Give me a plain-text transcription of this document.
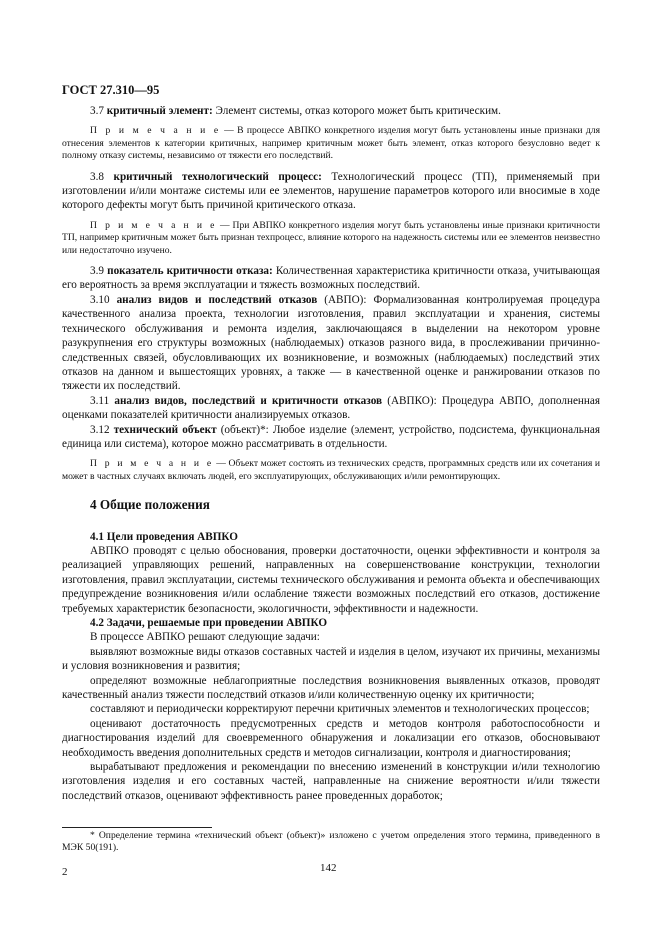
ГОСТ 27.310—95

3.7 критичный элемент: Элемент системы, отказ которого может быть критическим.

П р и м е ч а н и е — В процессе АВПКО конкретного изделия могут быть установлены иные признаки для отнесения элементов к категории критичных, например критичным может быть элемент, отказ которого безусловно ведет к полному отказу системы, независимо от тяжести его последствий.

3.8 критичный технологический процесс: Технологический процесс (ТП), применяемый при изготовлении и/или монтаже системы или ее элементов, нарушение параметров которого или вносимые в ходе которого дефекты могут быть причиной критического отказа.

П р и м е ч а н и е — При АВПКО конкретного изделия могут быть установлены иные признаки критичности ТП, например критичным может быть признан техпроцесс, влияние которого на надежность системы или ее элементов неизвестно или недостаточно изучено.

3.9 показатель критичности отказа: Количественная характеристика критичности отказа, учитывающая его вероятность за время эксплуатации и тяжесть возможных последствий.

3.10 анализ видов и последствий отказов (АВПО): Формализованная контролируемая процедура качественного анализа проекта, технологии изготовления, правил эксплуатации и хранения, системы технического обслуживания и ремонта изделия, заключающаяся в выделении на некотором уровне разукрупнения его структуры возможных (наблюдаемых) отказов разного вида, в прослеживании причинно-следственных связей, обусловливающих их возникновение, и возможных (наблюдаемых) последствий этих отказов на данном и вышестоящих уровнях, а также — в качественной оценке и ранжировании отказов по тяжести их последствий.

3.11 анализ видов, последствий и критичности отказов (АВПКО): Процедура АВПО, дополненная оценками показателей критичности анализируемых отказов.

3.12 технический объект (объект)*: Любое изделие (элемент, устройство, подсистема, функциональная единица или система), которое можно рассматривать в отдельности.

П р и м е ч а н и е — Объект может состоять из технических средств, программных средств или их сочетания и может в частных случаях включать людей, его эксплуатирующих, обслуживающих и/или ремонтирующих.

4 Общие положения

4.1 Цели проведения АВПКО

АВПКО проводят с целью обоснования, проверки достаточности, оценки эффективности и контроля за реализацией управляющих решений, направленных на совершенствование конструкции, технологии изготовления, правил эксплуатации, системы технического обслуживания и ремонта объекта и обеспечивающих предупреждение возникновения и/или ослабление тяжести возможных последствий его отказов, достижение требуемых характеристик безопасности, экологичности, эффективности и надежности.

4.2 Задачи, решаемые при проведении АВПКО

В процессе АВПКО решают следующие задачи:

выявляют возможные виды отказов составных частей и изделия в целом, изучают их причины, механизмы и условия возникновения и развития;

определяют возможные неблагоприятные последствия возникновения выявленных отказов, проводят качественный анализ тяжести последствий отказов и/или количественную оценку их критичности;

составляют и периодически корректируют перечни критичных элементов и технологических процессов;

оценивают достаточность предусмотренных средств и методов контроля работоспособности и диагностирования изделий для своевременного обнаружения и локализации его отказов, обосновывают необходимость введения дополнительных средств и методов сигнализации, контроля и диагностирования;

вырабатывают предложения и рекомендации по внесению изменений в конструкции и/или технологию изготовления изделия и его составных частей, направленные на снижение вероятности и/или тяжести последствий отказов, оценивают эффективность ранее проведенных доработок;

* Определение термина «технический объект (объект)» изложено с учетом определения этого термина, приведенного в МЭК 50(191).

2	142
